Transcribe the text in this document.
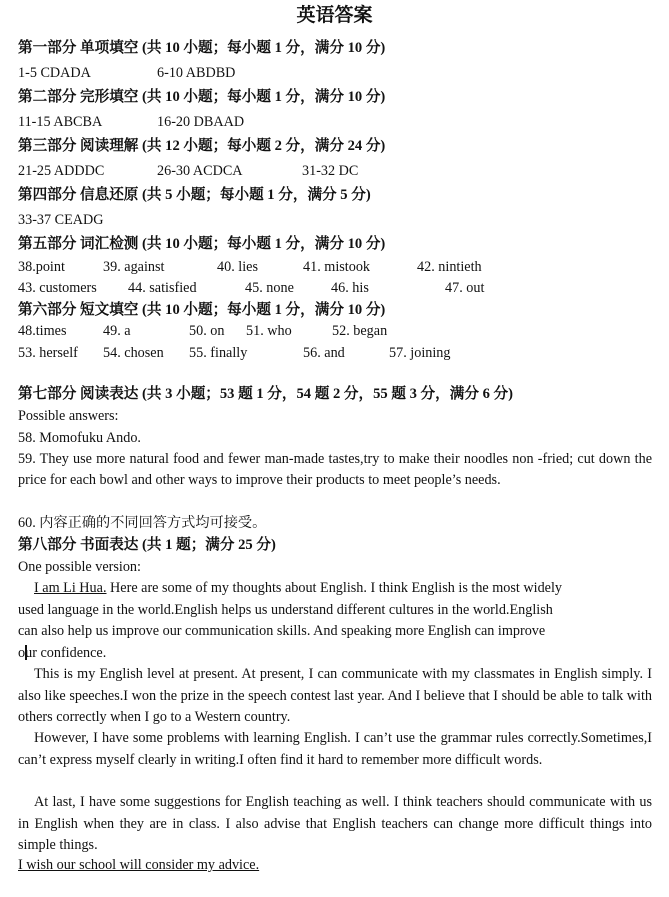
英语答案
第一部分 单项填空 (共 10 小题；每小题 1 分，满分 10 分)
1-5 CDADA	6-10 ABDBD
第二部分 完形填空 (共 10 小题；每小题 1 分，满分 10 分)
11-15 ABCBA	16-20 DBAAD
第三部分 阅读理解 (共 12 小题；每小题 2 分，满分 24 分)
21-25 ADDDC	26-30 ACDCA	31-32 DC
第四部分 信息还原 (共 5 小题；每小题 1 分，满分 5 分)
33-37 CEADG
第五部分 词汇检测 (共 10 小题；每小题 1 分，满分 10 分)
38.point	39. against	40. lies	41. mistook	42. nintieth
43. customers 44. satisfied	45. none	46. his	47. out
第六部分 短文填空 (共 10 小题；每小题 1 分，满分 10 分)
48.times	49. a	50. on 51. who	52. began
53. herself 54. chosen 55. finally	56. and	57. joining
第七部分 阅读表达 (共 3 小题；53 题 1 分，54 题 2 分，55 题 3 分，满分 6 分)
Possible answers:
58. Momofuku Ando.
59. They use more natural food and fewer man-made tastes,try to make their noodles non -fried; cut down the price for each bowl and other ways to improve their products to meet people’s needs.
60. 内容正确的不同回答方式均可接受。
第八部分 书面表达 (共 1 题；满分 25 分)
One possible version:
I am Li Hua. Here are some of my thoughts about English. I think English is the most widely
used language in the world.English helps us understand different cultures in the world.English
can also help us improve our communication skills. And speaking more English can improve
our confidence.
This is my English level at present. At present, I can communicate with my classmates in English simply. I also like speeches.I won the prize in the speech contest last year. And I believe that I should be able to talk with others correctly when I go to a Western country.
However, I have some problems with learning English. I can’t use the grammar rules correctly.Sometimes,I can’t express myself clearly in writing.I often find it hard to remember more difficult words.
At last, I have some suggestions for English teaching as well. I think teachers should communicate with us in English when they are in class. I also advise that English teachers can change more difficult things into simple things.
I wish our school will consider my advice.
